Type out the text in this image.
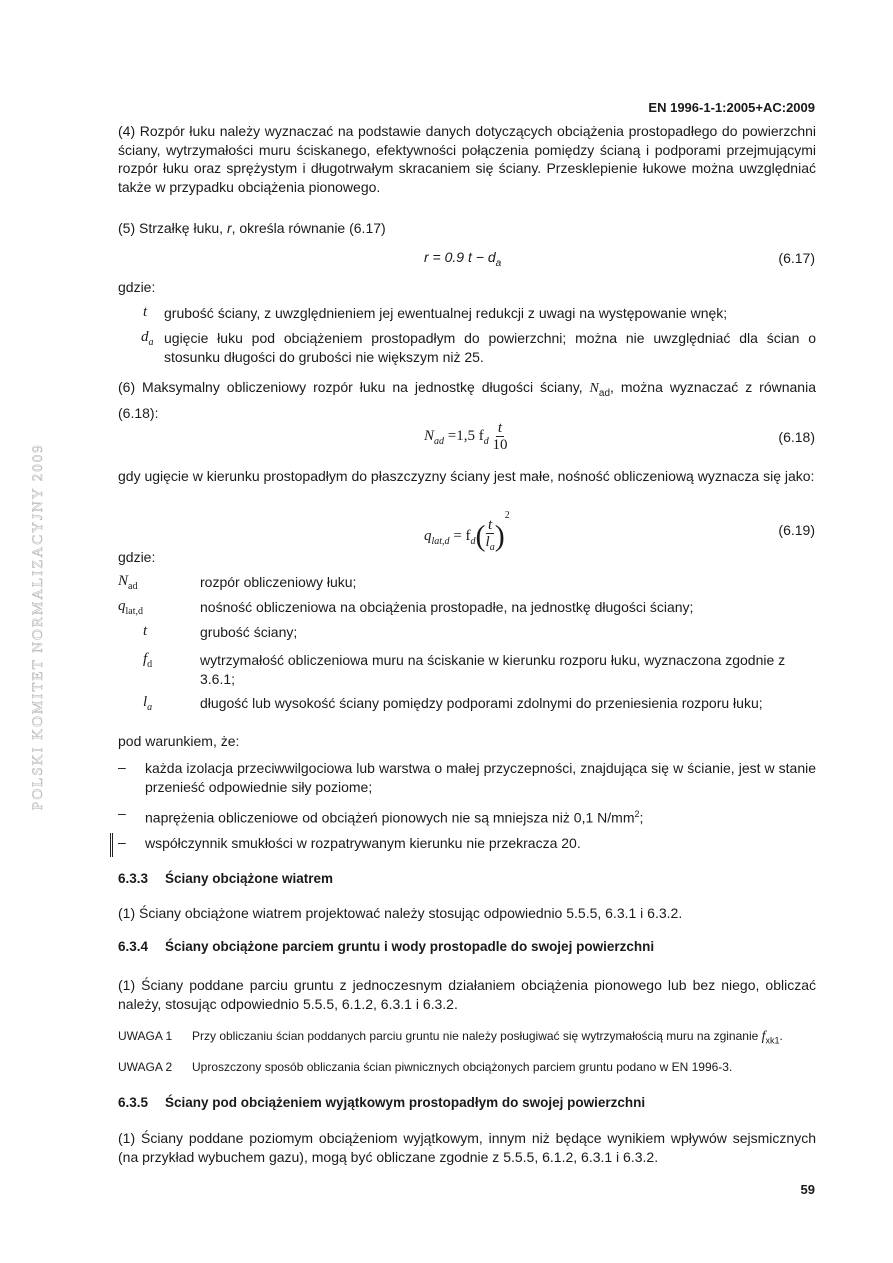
POLSKI KOMITET NORMALIZACYJNY 2009
EN 1996-1-1:2005+AC:2009
(4) Rozpór łuku należy wyznaczać na podstawie danych dotyczących obciążenia prostopadłego do powierzchni ściany, wytrzymałości muru ściskanego, efektywności połączenia pomiędzy ścianą i podporami przejmującymi rozpór łuku oraz sprężystym i długotrwałym skracaniem się ściany. Przesklepienie łukowe można uwzględniać także w przypadku obciążenia pionowego.
(5) Strzałkę łuku, r, określa równanie (6.17)
r = 0.9 $t - d_a$	(6.17)
gdzie:
t	grubość ściany, z uwzględnieniem jej ewentualnej redukcji z uwagi na występowanie wnęk;
$d_a$ ugięcie łuku pod obciążeniem prostopadłym do powierzchni; można nie uwzględniać dla ścian o stosunku długości do grubości nie większym niż 25.
(6) Maksymalny obliczeniowy rozpór łuku na jednostkę długości ściany, $N_{ad}$, można wyznaczać z równania (6.18):
$N_{ad} =1,5$ $f_d \frac{t}{10}$	(6.18)
gdy ugięcie w kierunku prostopadłym do płaszczyzny ściany jest małe, nośność obliczeniową wyznacza się jako:
$q_{lat,d} = f_d( \frac{t}{l_a} )^2$
(6.19)
gdzie:
$N_{ad}$	rozpór obliczeniowy łuku;
$q_{lat,d}$	nośność obliczeniowa na obciążenia prostopadłe, na jednostkę długości ściany;
t	grubość ściany;
$f_d$	wytrzymałość obliczeniowa muru na ściskanie w kierunku rozporu łuku, wyznaczona zgodnie z 3.6.1;
$l_a$	długość lub wysokość ściany pomiędzy podporami zdolnymi do przeniesienia rozporu łuku;
pod warunkiem, że:
– każda izolacja przeciwwilgociowa lub warstwa o małej przyczepności, znajdująca się w ścianie, jest w stanie przenieść odpowiednie siły poziome;
– naprężenia obliczeniowe od obciążeń pionowych nie są mniejsza niż 0,1 $N/mm^2$;
– współczynnik smukłości w rozpatrywanym kierunku nie przekracza 20.
6.3.3 Ściany obciążone wiatrem
(1) Ściany obciążone wiatrem projektować należy stosując odpowiednio 5.5.5, 6.3.1 i 6.3.2.
6.3.4 Ściany obciążone parciem gruntu i wody prostopadle do swojej powierzchni
(1) Ściany poddane parciu gruntu z jednoczesnym działaniem obciążenia pionowego lub bez niego, obliczać należy, stosując odpowiednio 5.5.5, 6.1.2, 6.3.1 i 6.3.2.
UWAGA 1 Przy obliczaniu ścian poddanych parciu gruntu nie należy posługiwać się wytrzymałością muru na zginanie $f_{xk1}$.
UWAGA 2 Uproszczony sposób obliczania ścian piwnicznych obciążonych parciem gruntu podano w EN 1996-3.
6.3.5 Ściany pod obciążeniem wyjątkowym prostopadłym do swojej powierzchni
(1) Ściany poddane poziomym obciążeniom wyjątkowym, innym niż będące wynikiem wpływów sejsmicznych (na przykład wybuchem gazu), mogą być obliczane zgodnie z 5.5.5, 6.1.2, 6.3.1 i 6.3.2.
59
